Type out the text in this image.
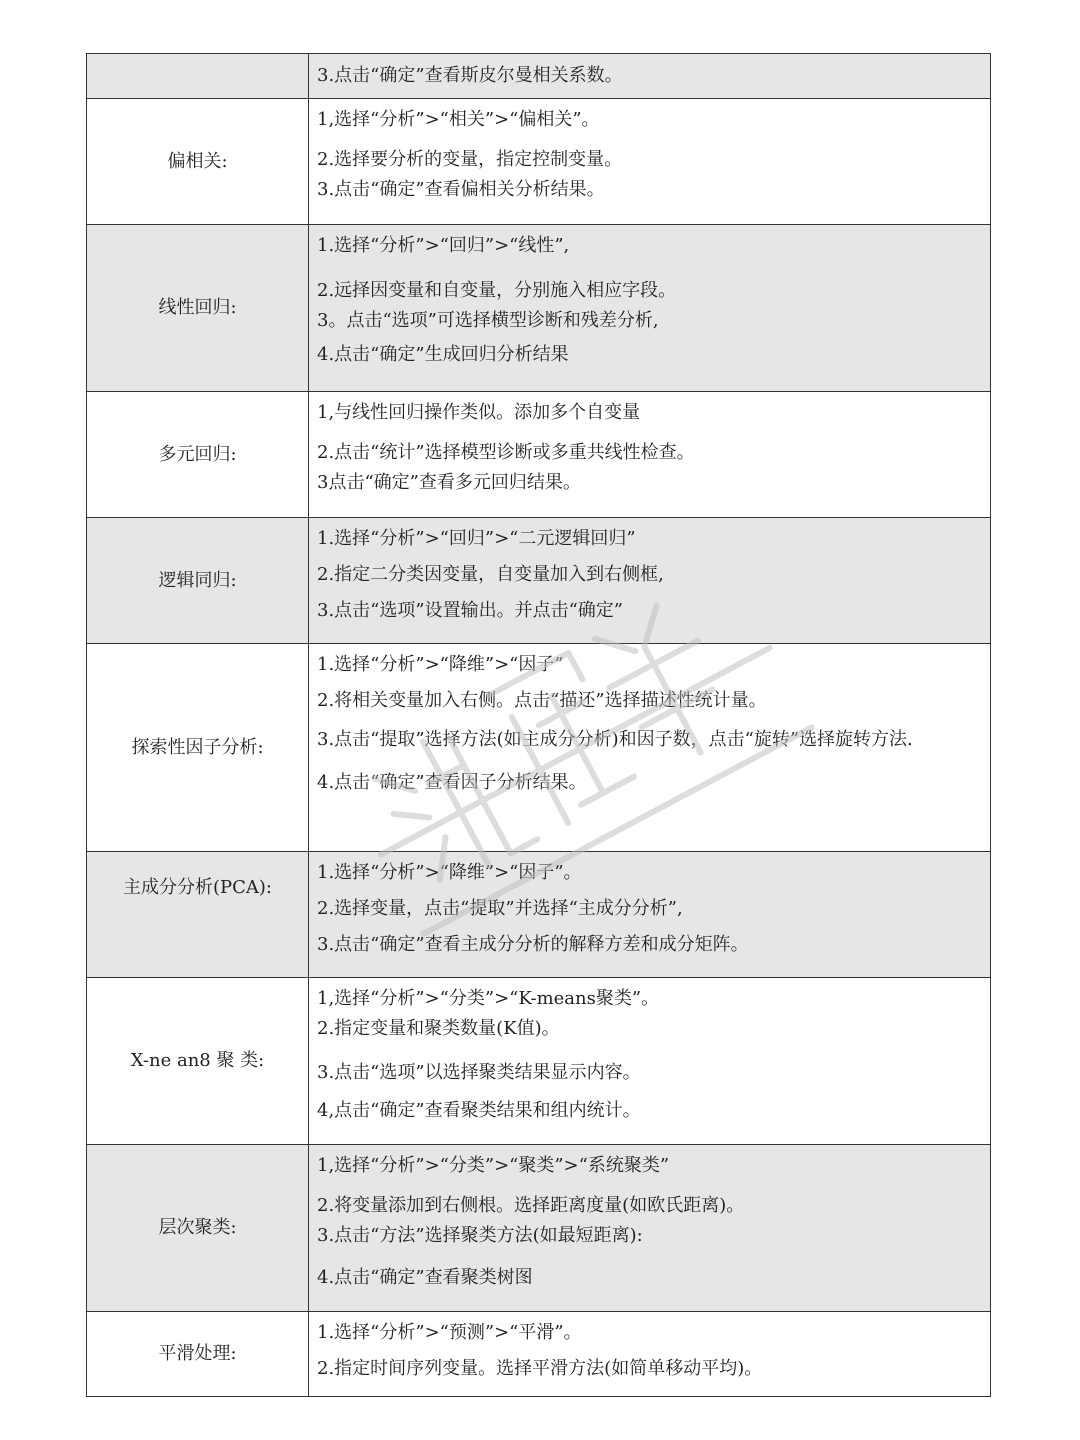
	3.点击“确定”查看斯皮尔曼相关系数。

偏相关:	1,选择“分析”>“相关”>“偏相关”。
2.选择要分析的变量，指定控制变量。
3.点击“确定”查看偏相关分析结果。

线性回归:	1.选择“分析”>“回归”>“线性”,
2.远择因变量和自变量，分别施入相应字段。
3。点击“选项”可选择横型诊断和残差分析,
4.点击“确定”生成回归分析结果

多元回归:	1,与线性回归操作类似。添加多个自变量
2.点击“统计”选择模型诊断或多重共线性检查。
3点击“确定”查看多元回归结果。

逻辑同归:	1.选择“分析”>“回归”>“二元逻辑回归”
2.指定二分类因变量，自变量加入到右侧框,
3.点击“选项”设置输出。并点击“确定”

探索性因子分析:	1.选择“分析”>“降维”>“因子”
2.将相关变量加入右侧。点击“描还”选择描述性统计量。
3.点击“提取”选择方法(如主成分分析)和因子数，点击“旋转”选择旋转方法.
4.点击“确定”查看因子分析结果。

主成分分析(PCA):	1.选择“分析”>“降维”>“因子”。
2.选择变量，点击“提取”并选择“主成分分析”,
3.点击“确定”查看主成分分析的解释方差和成分矩阵。

X-ne an8 聚 类:	1,选择“分析”>“分类”>“K-means聚类”。
2.指定变量和聚类数量(K值)。
3.点击“选项”以选择聚类结果显示内容。
4,点击“确定”查看聚类结果和组内统计。

层次聚类:	1,选择“分析”>“分类”>“聚类”>“系统聚类”
2.将变量添加到右侧根。选择距离度量(如欧氏距离)。
3.点击“方法”选择聚类方法(如最短距离):
4.点击“确定”查看聚类树图

平滑处理:	1.选择“分析”>“预测”>“平滑”。
2.指定时间序列变量。选择平滑方法(如简单移动平均)。
